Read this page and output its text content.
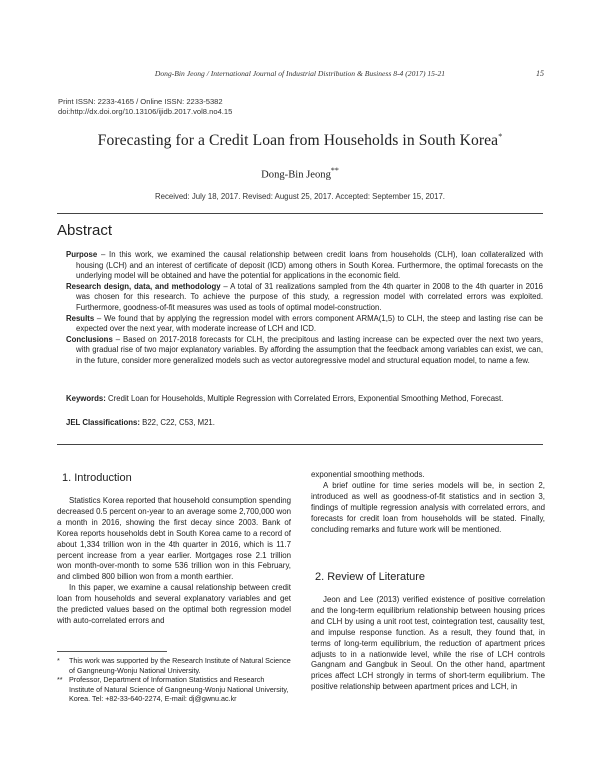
Dong-Bin Jeong / International Journal of Industrial Distribution & Business 8-4 (2017) 15-21	15
Print ISSN: 2233-4165 / Online ISSN: 2233-5382
doi:http://dx.doi.org/10.13106/ijidb.2017.vol8.no4.15
Forecasting for a Credit Loan from Households in South Korea*
Dong-Bin Jeong**
Received: July 18, 2017. Revised: August 25, 2017. Accepted: September 15, 2017.
Abstract

Purpose – In this work, we examined the causal relationship between credit loans from households (CLH), loan collateralized with housing (LCH) and an interest of certificate of deposit (ICD) among others in South Korea. Furthermore, the optimal forecasts on the underlying model will be obtained and have the potential for applications in the economic field.

Research design, data, and methodology – A total of 31 realizations sampled from the 4th quarter in 2008 to the 4th quarter in 2016 was chosen for this research. To achieve the purpose of this study, a regression model with correlated errors was exploited. Furthermore, goodness-of-fit measures was used as tools of optimal model-construction.

Results – We found that by applying the regression model with errors component ARMA(1,5) to CLH, the steep and lasting rise can be expected over the next year, with moderate increase of LCH and ICD.

Conclusions – Based on 2017-2018 forecasts for CLH, the precipitous and lasting increase can be expected over the next two years, with gradual rise of two major explanatory variables. By affording the assumption that the feedback among variables can exist, we can, in the future, consider more generalized models such as vector autoregressive model and structural equation model, to name a few.

Keywords: Credit Loan for Households, Multiple Regression with Correlated Errors, Exponential Smoothing Method, Forecast.
JEL Classifications: B22, C22, C53, M21.
1. Introduction

Statistics Korea reported that household consumption spending decreased 0.5 percent on-year to an average some 2,700,000 won a month in 2016, showing the first decay since 2003. Bank of Korea reports households debt in South Korea came to a record of about 1,334 trillion won in the 4th quarter in 2016, which is 11.7 percent increase from a year earlier. Mortgages rose 2.1 trillion won month-over-month to some 536 trillion won in this February, and climbed 800 billion won from a month earthier.

In this paper, we examine a causal relationship between credit loan from households and several explanatory variables and get the predicted values based on the optimal both regression model with auto-correlated errors and

*	This work was supported by the Research Institute of Natural Science of Gangneung-Wonju National University.
** Professor, Department of Information Statistics and Research Institute of Natural Science of Gangneung-Wonju National University, Korea. Tel: +82-33-640-2274, E-mail: dj@gwnu.ac.kr

exponential smoothing methods.

A brief outline for time series models will be, in section 2, introduced as well as goodness-of-fit statistics and in section 3, findings of multiple regression analysis with correlated errors, and forecasts for credit loan from households will be stated. Finally, concluding remarks and future work will be mentioned.

2. Review of Literature

Jeon and Lee (2013) verified existence of positive correlation and the long-term equilibrium relationship between housing prices and CLH by using a unit root test, cointegration test, causality test, and impulse response function. As a result, they found that, in terms of long-term equilibrium, the reduction of apartment prices adjusts to in a nationwide level, while the rise of LCH controls Gangnam and Gangbuk in Seoul. On the other hand, apartment prices affect LCH strongly in terms of short-term equilibrium. The positive relationship between apartment prices and LCH, in
